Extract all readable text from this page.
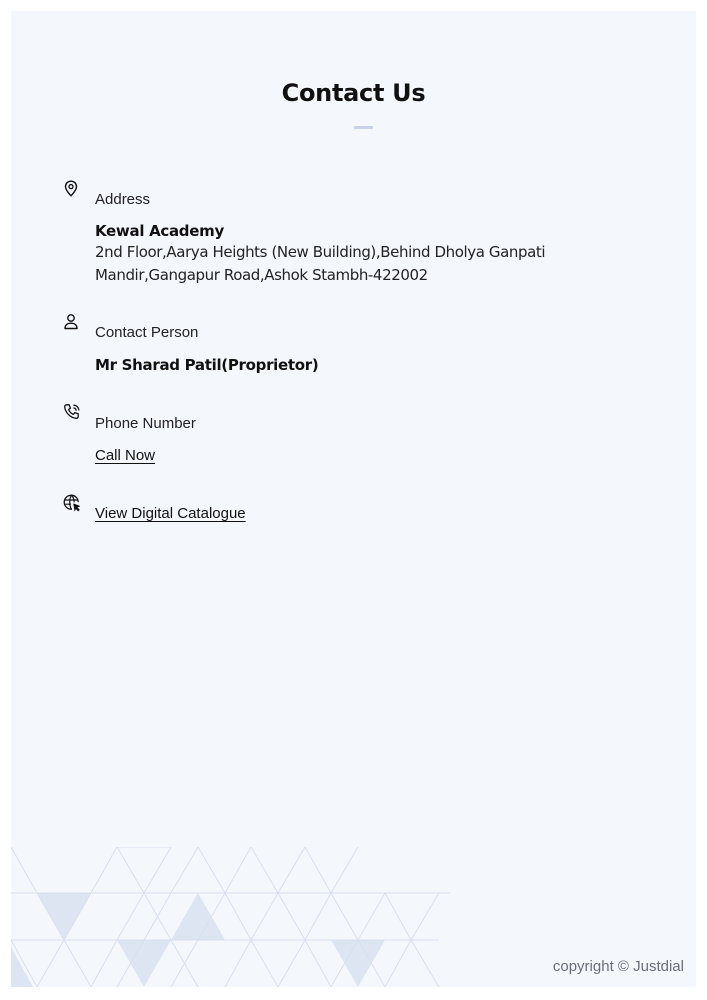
Contact Us
Address
Kewal Academy
2nd Floor,Aarya Heights (New Building),Behind Dholya Ganpati
Mandir,Gangapur Road,Ashok Stambh-422002
Contact Person
Mr Sharad Patil(Proprietor)
Phone Number
Call Now
View Digital Catalogue
copyright © Justdial
